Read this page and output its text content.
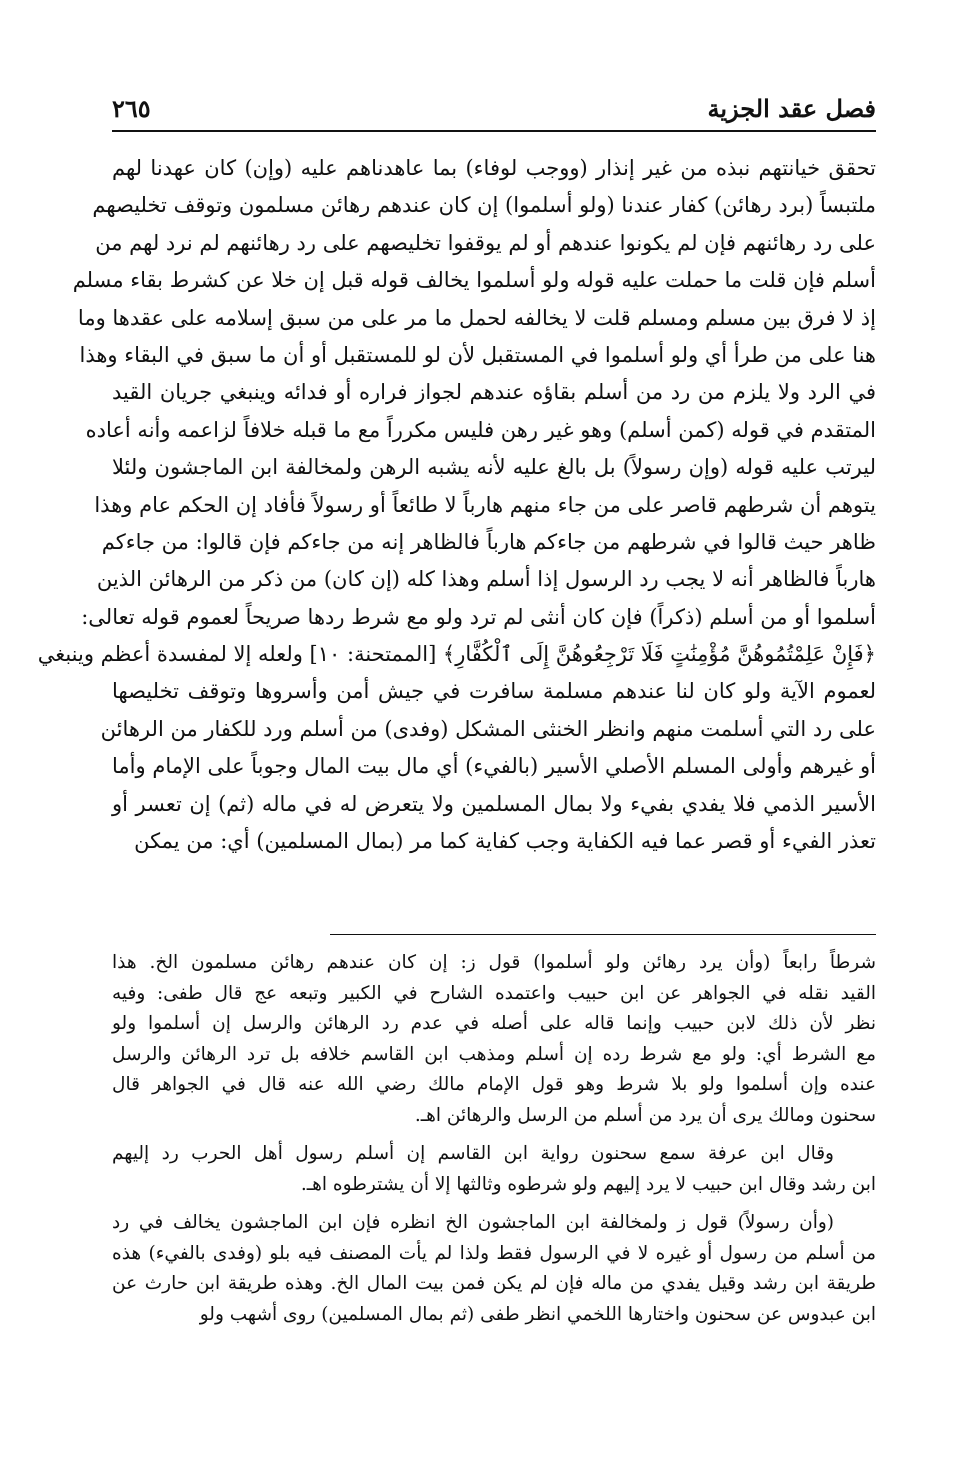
فصل عقد الجزية
٢٦٥
تحقق خيانتهم نبذه من غير إنذار (ووجب لوفاء) بما عاهدناهم عليه (وإن) كان عهدنا لهم
ملتبساً (برد رهائن) كفار عندنا (ولو أسلموا) إن كان عندهم رهائن مسلمون وتوقف تخليصهم
على رد رهائنهم فإن لم يكونوا عندهم أو لم يوقفوا تخليصهم على رد رهائنهم لم نرد لهم من
أسلم فإن قلت ما حملت عليه قوله ولو أسلموا يخالف قوله قبل إن خلا عن كشرط بقاء مسلم
إذ لا فرق بين مسلم ومسلم قلت لا يخالفه لحمل ما مر على من سبق إسلامه على عقدها وما
هنا على من طرأ أي ولو أسلموا في المستقبل لأن لو للمستقبل أو أن ما سبق في البقاء وهذا
في الرد ولا يلزم من رد من أسلم بقاؤه عندهم لجواز فراره أو فدائه وينبغي جريان القيد
المتقدم في قوله (كمن أسلم) وهو غير رهن فليس مكرراً مع ما قبله خلافاً لزاعمه وأنه أعاده
ليرتب عليه قوله (وإن رسولاً) بل بالغ عليه لأنه يشبه الرهن ولمخالفة ابن الماجشون ولئلا
يتوهم أن شرطهم قاصر على من جاء منهم هارباً لا طائعاً أو رسولاً فأفاد إن الحكم عام وهذا
ظاهر حيث قالوا في شرطهم من جاءكم هارباً فالظاهر إنه من جاءكم فإن قالوا: من جاءكم
هارباً فالظاهر أنه لا يجب رد الرسول إذا أسلم وهذا كله (إن كان) من ذكر من الرهائن الذين
أسلموا أو من أسلم (ذكراً) فإن كان أنثى لم ترد ولو مع شرط ردها صريحاً لعموم قوله تعالى:
﴿فَإِنْ عَلِمْتُمُوهُنَّ مُؤْمِنَٰتٍ فَلَا تَرْجِعُوهُنَّ إِلَى ٱلْكُفَّارِ﴾ [الممتحنة: ١٠] ولعله إلا لمفسدة أعظم وينبغي
لعموم الآية ولو كان لنا عندهم مسلمة سافرت في جيش أمن وأسروها وتوقف تخليصها
على رد التي أسلمت منهم وانظر الخنثى المشكل (وفدى) من أسلم ورد للكفار من الرهائن
أو غيرهم وأولى المسلم الأصلي الأسير (بالفيء) أي مال بيت المال وجوباً على الإمام وأما
الأسير الذمي فلا يفدي بفيء ولا بمال المسلمين ولا يتعرض له في ماله (ثم) إن تعسر أو
تعذر الفيء أو قصر عما فيه الكفاية وجب كفاية كما مر (بمال المسلمين) أي: من يمكن
شرطاً رابعاً (وأن يرد رهائن ولو أسلموا) قول ز: إن كان عندهم رهائن مسلمون الخ. هذا
القيد نقله في الجواهر عن ابن حبيب واعتمده الشارح في الكبير وتبعه عج قال طفى: وفيه
نظر لأن ذلك لابن حبيب وإنما قاله على أصله في عدم رد الرهائن والرسل إن أسلموا ولو
مع الشرط أي: ولو مع شرط رده إن أسلم ومذهب ابن القاسم خلافه بل ترد الرهائن والرسل
عنده وإن أسلموا ولو بلا شرط وهو قول الإمام مالك رضي الله عنه قال في الجواهر قال
سحنون ومالك يرى أن يرد من أسلم من الرسل والرهائن اهـ.
وقال ابن عرفة سمع سحنون رواية ابن القاسم إن أسلم رسول أهل الحرب رد إليهم
ابن رشد وقال ابن حبيب لا يرد إليهم ولو شرطوه وثالثها إلا أن يشترطوه اهـ.
(وأن رسولاً) قول ز ولمخالفة ابن الماجشون الخ انظره فإن ابن الماجشون يخالف في رد
من أسلم من رسول أو غيره لا في الرسول فقط ولذا لم يأت المصنف فيه بلو (وفدى بالفيء) هذه
طريقة ابن رشد وقيل يفدي من ماله فإن لم يكن فمن بيت المال الخ. وهذه طريقة ابن حارث عن
ابن عبدوس عن سحنون واختارها اللخمي انظر طفى (ثم بمال المسلمين) روى أشهب ولو
